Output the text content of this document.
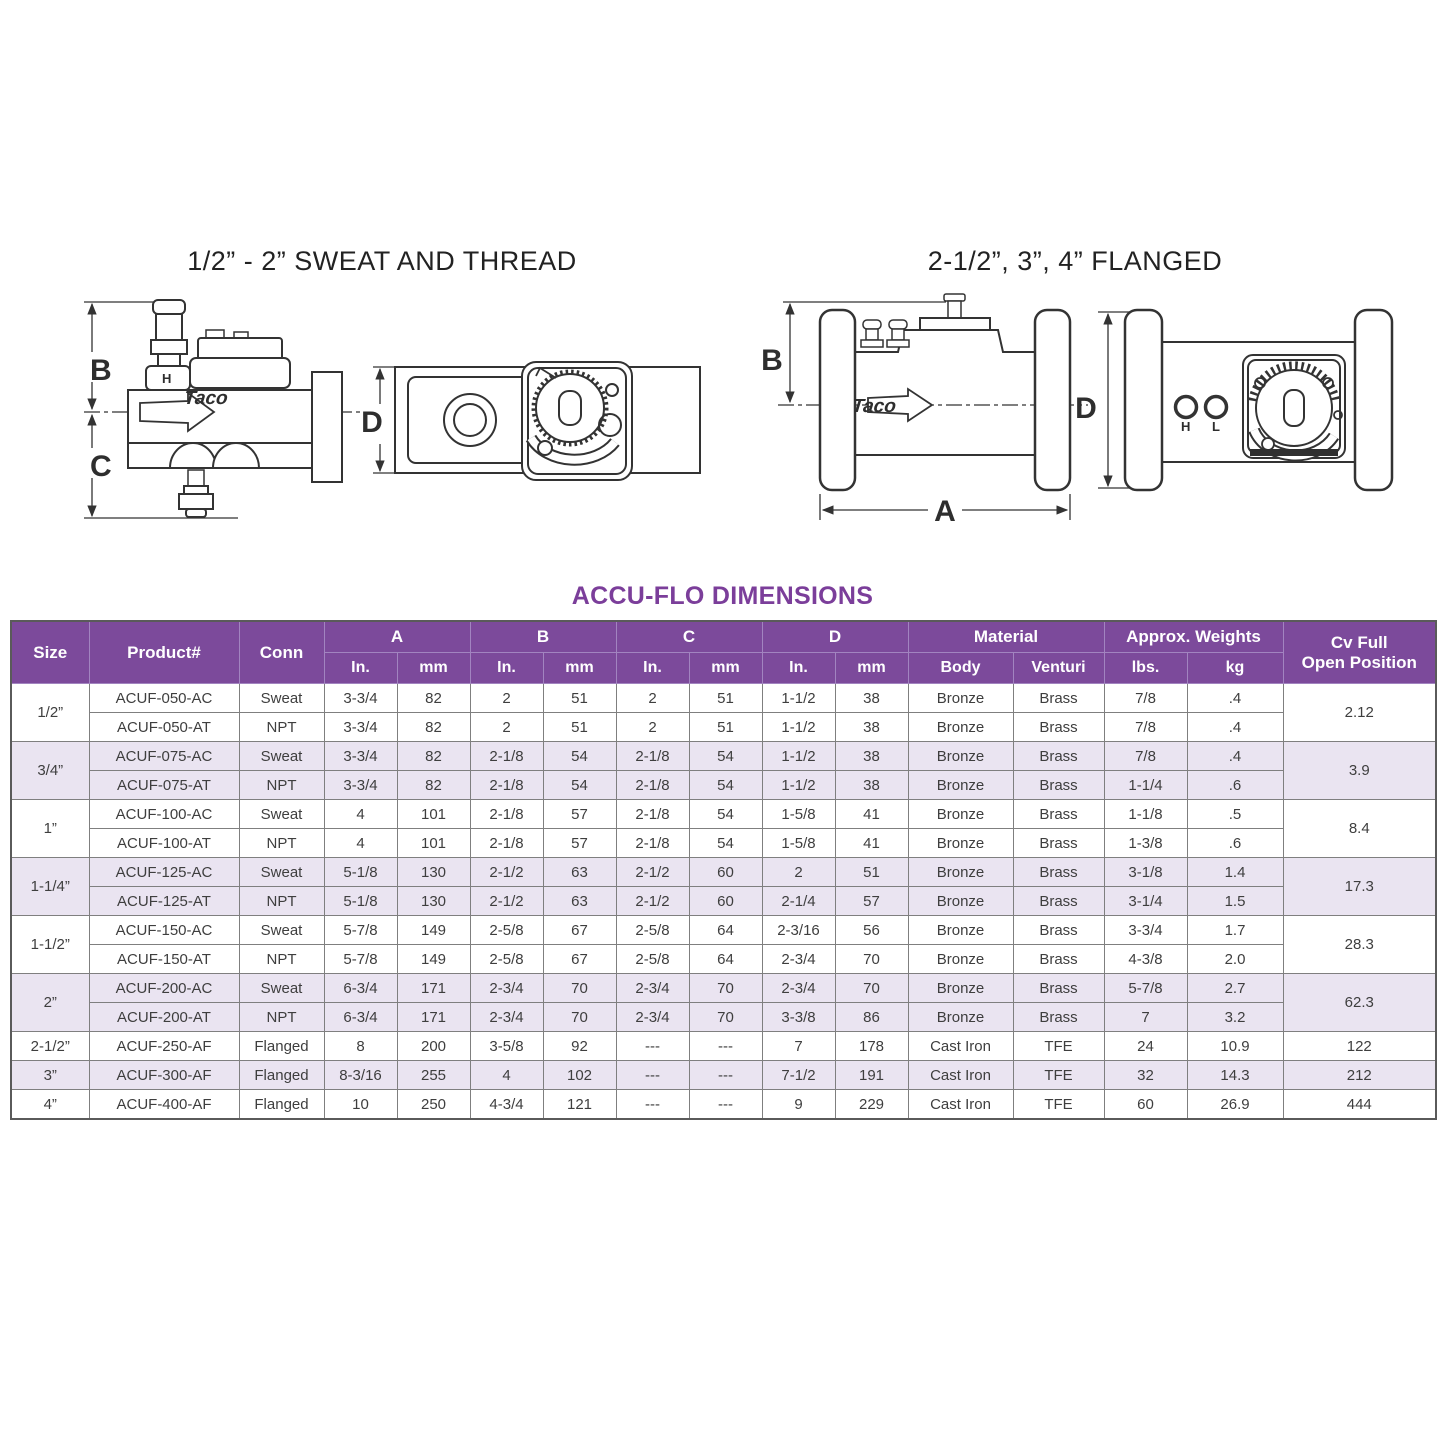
1/2” - 2” SWEAT AND THREAD	2-1/2”, 3”, 4” FLANGED
B
C
H
Taco
D	Taco
A
B
H L
D
ACCU-FLO DIMENSIONS
Size	Product#	Conn	A		B		C		D		Material		Approx. Weights		Cv Full
Open Position
			In.	mm	In.	mm	In.	mm	In.	mm	Body	Venturi	lbs.	kg	
1/2”	ACUF-050-AC	Sweat	3-3/4	82	2	51	2	51	1-1/2	38	Bronze	Brass	7/8	.4	2.12
	ACUF-050-AT	NPT	3-3/4	82	2	51	2	51	1-1/2	38	Bronze	Brass	7/8	.4	
3/4”	ACUF-075-AC	Sweat	3-3/4	82	2-1/8	54	2-1/8	54	1-1/2	38	Bronze	Brass	7/8	.4	3.9
	ACUF-075-AT	NPT	3-3/4	82	2-1/8	54	2-1/8	54	1-1/2	38	Bronze	Brass	1-1/4	.6	
1”	ACUF-100-AC	Sweat	4	101	2-1/8	57	2-1/8	54	1-5/8	41	Bronze	Brass	1-1/8	.5	8.4
	ACUF-100-AT	NPT	4	101	2-1/8	57	2-1/8	54	1-5/8	41	Bronze	Brass	1-3/8	.6	
1-1/4”	ACUF-125-AC	Sweat	5-1/8	130	2-1/2	63	2-1/2	60	2	51	Bronze	Brass	3-1/8	1.4	17.3
	ACUF-125-AT	NPT	5-1/8	130	2-1/2	63	2-1/2	60	2-1/4	57	Bronze	Brass	3-1/4	1.5	
1-1/2”	ACUF-150-AC	Sweat	5-7/8	149	2-5/8	67	2-5/8	64	2-3/16	56	Bronze	Brass	3-3/4	1.7	28.3
	ACUF-150-AT	NPT	5-7/8	149	2-5/8	67	2-5/8	64	2-3/4	70	Bronze	Brass	4-3/8	2.0	
2”	ACUF-200-AC	Sweat	6-3/4	171	2-3/4	70	2-3/4	70	2-3/4	70	Bronze	Brass	5-7/8	2.7	62.3
	ACUF-200-AT	NPT	6-3/4	171	2-3/4	70	2-3/4	70	3-3/8	86	Bronze	Brass	7	3.2	
2-1/2”	ACUF-250-AF	Flanged	8	200	3-5/8	92	---	---	7	178	Cast Iron	TFE	24	10.9	122
3”	ACUF-300-AF	Flanged	8-3/16	255	4	102	---	---	7-1/2	191	Cast Iron	TFE	32	14.3	212
4”	ACUF-400-AF	Flanged	10	250	4-3/4	121	---	---	9	229	Cast Iron	TFE	60	26.9	444
